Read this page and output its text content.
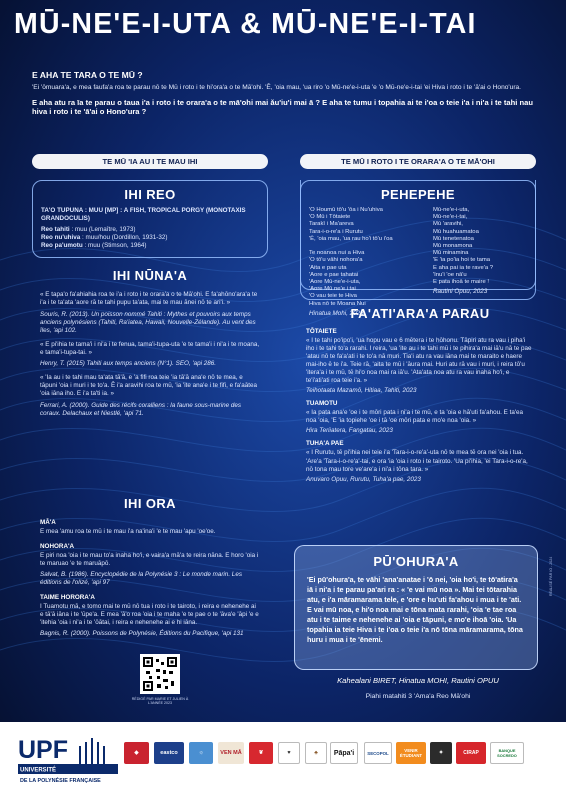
MŪ-NE'E-I-UTA & MŪ-NE'E-I-TAI
E AHA TE TARA O TE MŪ ?
'Ei 'ōmuara'a, e mea faufa'a roa te parau nō te Mū i roto i te hi'ora'a o te Mā'ohi. 'Ē, 'oia mau, 'ua riro 'o Mū-ne'e-i-uta 'e 'o Mū-ne'e-i-tai 'ei Hiva i roto i te 'ā'ai o Hono'ura.
E aha atu ra īa te parau o taua i'a i roto i te orara'a o te mā'ohi mai ǎu'iu'i mai ā ? E aha te tumu i topahia ai te i'oa o teie i'a i ni'a i te tahi nau hiva i roto i te 'ā'ai o Hono'ura ?
TE MŪ 'IA AU I TE MAU IHI	TE MŪ I ROTO I TE ORARA'A O TE MĀ'OHI
IHI REO

TA'O TUPUNA : MUU [MP] : A FISH, TROPICAL PORGY (MONOTAXIS GRANDOCULIS)

Reo tahiti : muu (Lemaître, 1973)

Reo nu'uhiva : muu/hou (Dordillon, 1931-32)

Reo pa'umotu : muu (Stimson, 1964)

IHI NŪNA'A

« E tapa'o fa'ahiahia roa te i'a i roto i te orara'a o te Mā'ohi. E fa'ahōno'ara'a te i'a i te ta'ata 'aore rā te tahi pupu ta'ata, mai te mau ānei nō te ari'i. »

Souris, R. (2013). Un poisson nommé Tahiti : Mythes et pouvoirs aux temps anciens polynésiens (Tahiti, Ra'iatea, Hawaii, Nouvelle-Zélande). Au vent des îles, 'api 102.

« E pi'ihia te tama'i i ni'a i te fenua, tama'i-tupa-uta 'e te tama'i i ni'a i te moana, e tama'i-tupa-tai. »

Henry, T. (2015) Tahiti aux temps anciens (N°1). SEO, 'api 286.

« 'Ia au i te tahi mau ta'ata tā'ā, e 'a fifi roa teie 'ia tā'ā ana'e nō te mea, e tāpuni 'oia i muri i te to'a. Ē i'a aravihi roa te mū, 'ia 'ite ana'e i te fifi, e fa'aātea 'oia iāna iho. E i'a ta'ti ia. »

Ferrari, A. (2000). Guide des récifs coralliens : la faune sous-marine des coraux. Delachaux et Niestlé, 'api 71.

IHI ORA
MĀ'A

E mea 'amu roa te mū i te mau i'a na'ina'i 'e te mau 'apu 'oe'oe.

NOHORA'A

E piri noa 'oia i te mau to'a inaha ho'i, e vaira'a mā'a te reira nāna. E horo 'oia i te maruao 'e te maruāpō.

Salvat, B. (1986). Encyclopédie de la Polynésie 3 : Le monde marin. Les éditions de l'olizé, 'api 97

TAIME HORORA'A

I Tuamotu mā, e tomo mai te mū nō tua i roto i te tairoto, i reira e nehenehe ai e tā'ā iāna i te 'ūpe'a. E mea 'ā'o roa 'oia i te maha 'e te pae o te 'āva'e 'āpi 'e e 'itehia 'oia i ni'a i te 'ōātai, i reira e nehenehe ai e hi iāna.

Bagnis, R. (2000). Poissons de Polynésie, Éditions du Pacifique, 'api 131

RÉDIGÉ PAR MARIE ET JULIEN À L'ANNÉE 2023
PEHEPEHE

'O Houmū tō'u 'ōa i Nu'uhiva

'O Mū i Tōtaiete

Tarakī i Ma'areva

Tara-i-o-re'a i Rurutu

'Ē, 'oia mau, 'ua rau ho'i tō'u i'oa

Te noanoa nui a Hiva

'O tō'u vāhi nohora'a

'Aita e pae uta

'Aore e pae tahatai

'Aore Mū-ne'e-i-uta,

'Aore Mū ne'e i tai

'O vau teie te Hiva

Hiva nō te Moana Nui

Hinatua Mohi, 2023

Mū-ne'e-i-uta,

Mū-ne'e-i-tai,

Mū 'aravihi,

Mū huahuamatoa

Mū tenetenatoa

Mū monamona

Mū minamina

'E 'ia po'ia hoi te tama

E aha pai ia te rave'a ?

'Inu'i 'oe nā'u

E pata ihoā te maire !

Rautini Opuu, 2023

FA'ATI'ARA'A PARAU
TŌTAIETE

« I te tahi po'ipo'i, 'ua hopu vau e 6 mētera i te hōhonu. Tāpiri atu ra vau i piha'i iho i te tahi to'a rarahi. I reira, 'ua 'ite au i te tahi mū i te pihira'a mai iā'u nā te pae 'atau nō te fa'a'ati i te to'a nā muri. Tia'i atu ra vau iāna mai te maraito e haere mai-iho ē te i'a. Teie rā, 'aita te mū i 'āura mai. Huri atu rā vau i muri, i reira tō'u 'itera'a i te mū, tē hi'o noa mai ra iā'u. 'Ata'ata noa atu ra vau inaha ho'i, e te'i'ati'ati roa teie i'a. »

Teihotaata Mazamō, Hitiaa, Tahiti, 2023

TUAMOTU

« Ia pata ana'e 'oe i te mōri pata i ni'a i te mū, e ta 'oia e hā'uti fa'ahou. E ta'ea noa 'oia, 'E 'ia topiehe 'oe i tā 'oe mōri pata e mo'e noa 'oia. »

Hira Teriiatera, Fangatau, 2023

TUHA'A PAE

« I Rurutu, tē pi'ihia nei teie i'a 'Tara-i-o-re'a'-uta nō te mea tē ora nei 'oia i tua. 'Are'a 'Tara-i-o-re'a'-tai, e ora 'ia 'oia i roto i te tairoto. 'Ua pi'ihia, 'ei Tara-i-o-re'a, nō tona mau tore ve'are'a i ni'a i tōna tara. »

Anuvaro Opuu, Rurutu, Tuha'a pae, 2023

PŪ'OHURA'A

'Ei pū'ohura'a, te vāhi 'ana'anatae i 'ō nei, 'oia ho'i, te tō'atira'a iā i ni'a i te parau pa'ari ra : « 'e vai mū noa ». Mai tei tōtarahia atu, e i'a māramarama tele, e 'ore e hu'uti fa'ahou i mua i te 'ati. E vai mū noa, e hi'o noa mai e tōna mata rarahi, 'oia 'e tae roa atu i te taime e nehenehe ai 'oia e tāpuni, e mo'e ihoā 'oia. 'Ua topahia ia teie Hiva i te i'oa o teie i'a nō tōna māramarama, tōna huru i mua i te 'ēnemi.

Kahealani BIRET, Hinatua MOHI, Rautini OPUU
Piahi matahiti 3 'Ama'a Reo Mā'ohi
RÉALISÉ PAR IO - 2024
UPF
UNIVERSITÉ
DE LA POLYNÉSIE FRANÇAISE
◆	eastco	☼	VEN MĀ	❦	♥	♣	Pāpa'i	SECOPOL	VENIR ÉTUDIANT	✦	CIRAP	BANQUE SOCREDO
